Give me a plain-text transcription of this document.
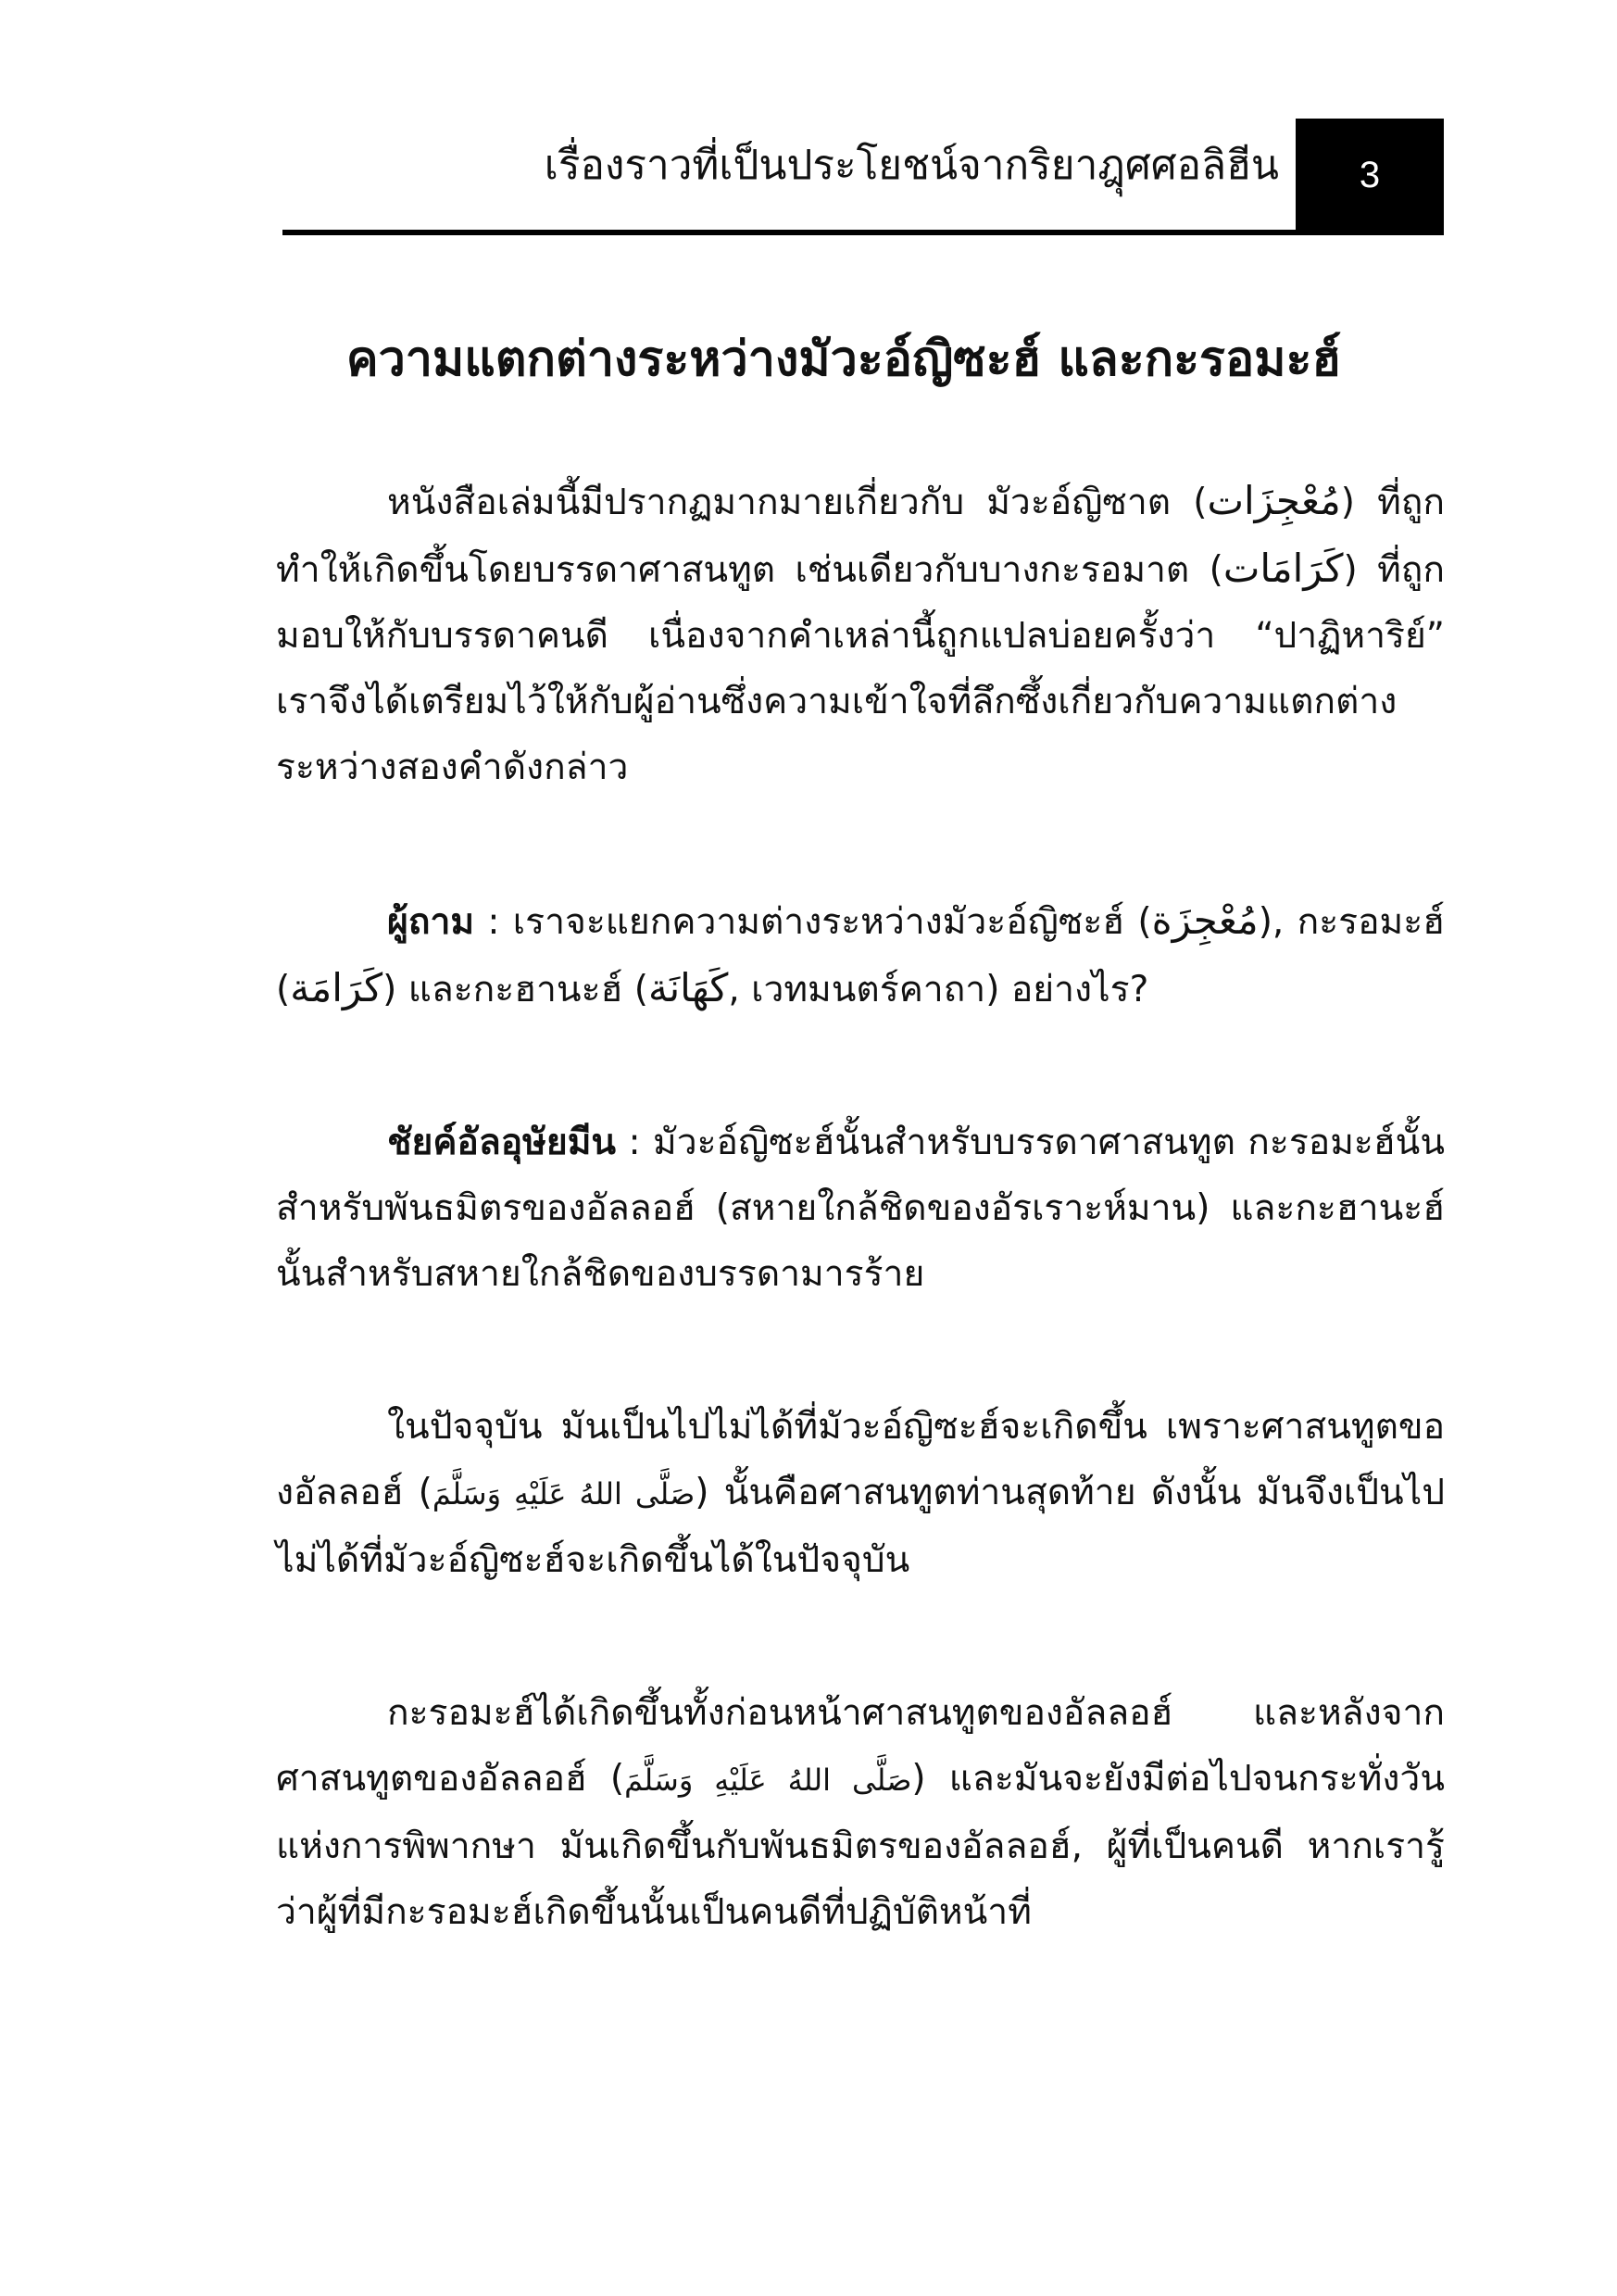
เรื่องราวที่เป็นประโยชน์จากริยาฎุศศอลิฮีน 3
ความแตกต่างระหว่างมัวะอ์ญิซะฮ์ และกะรอมะฮ์

หนังสือเล่มนี้มีปรากฏมากมายเกี่ยวกับ มัวะอ์ญิซาต (مُعْجِزَات) ที่ถูกทำให้เกิดขึ้นโดยบรรดาศาสนทูต เช่นเดียวกับบางกะรอมาต (كَرَامَات) ที่ถูกมอบให้กับบรรดาคนดี เนื่องจากคำเหล่านี้ถูกแปลบ่อยครั้งว่า “ปาฏิหาริย์” เราจึงได้เตรียมไว้ให้กับผู้อ่านซึ่งความเข้าใจที่ลึกซึ้งเกี่ยวกับความแตกต่างระหว่างสองคำดังกล่าว

ผู้ถาม : เราจะแยกความต่างระหว่างมัวะอ์ญิซะฮ์ (مُعْجِزَة), กะรอมะฮ์ (كَرَامَة) และกะฮานะฮ์ (كَهَانَة, เวทมนตร์คาถา) อย่างไร?

ชัยค์อัลอุษัยมีน : มัวะอ์ญิซะฮ์นั้นสำหรับบรรดาศาสนทูต กะรอมะฮ์นั้นสำหรับพันธมิตรของอัลลอฮ์ (สหายใกล้ชิดของอัรเราะห์มาน) และกะฮานะฮ์นั้นสำหรับสหายใกล้ชิดของบรรดามารร้าย

ในปัจจุบัน มันเป็นไปไม่ได้ที่มัวะอ์ญิซะฮ์จะเกิดขึ้น เพราะศาสนทูตของอัลลอฮ์ (صَلَّى اللهُ عَلَيْهِ وَسَلَّمَ) นั้นคือศาสนทูตท่านสุดท้าย ดังนั้น มันจึงเป็นไปไม่ได้ที่มัวะอ์ญิซะฮ์จะเกิดขึ้นได้ในปัจจุบัน

กะรอมะฮ์ได้เกิดขึ้นทั้งก่อนหน้าศาสนทูตของอัลลอฮ์ และหลังจากศาสนทูตของอัลลอฮ์ (صَلَّى اللهُ عَلَيْهِ وَسَلَّمَ) และมันจะยังมีต่อไปจนกระทั่งวันแห่งการพิพากษา มันเกิดขึ้นกับพันธมิตรของอัลลอฮ์, ผู้ที่เป็นคนดี หากเรารู้ว่าผู้ที่มีกะรอมะฮ์เกิดขึ้นนั้นเป็นคนดีที่ปฏิบัติหน้าที่
